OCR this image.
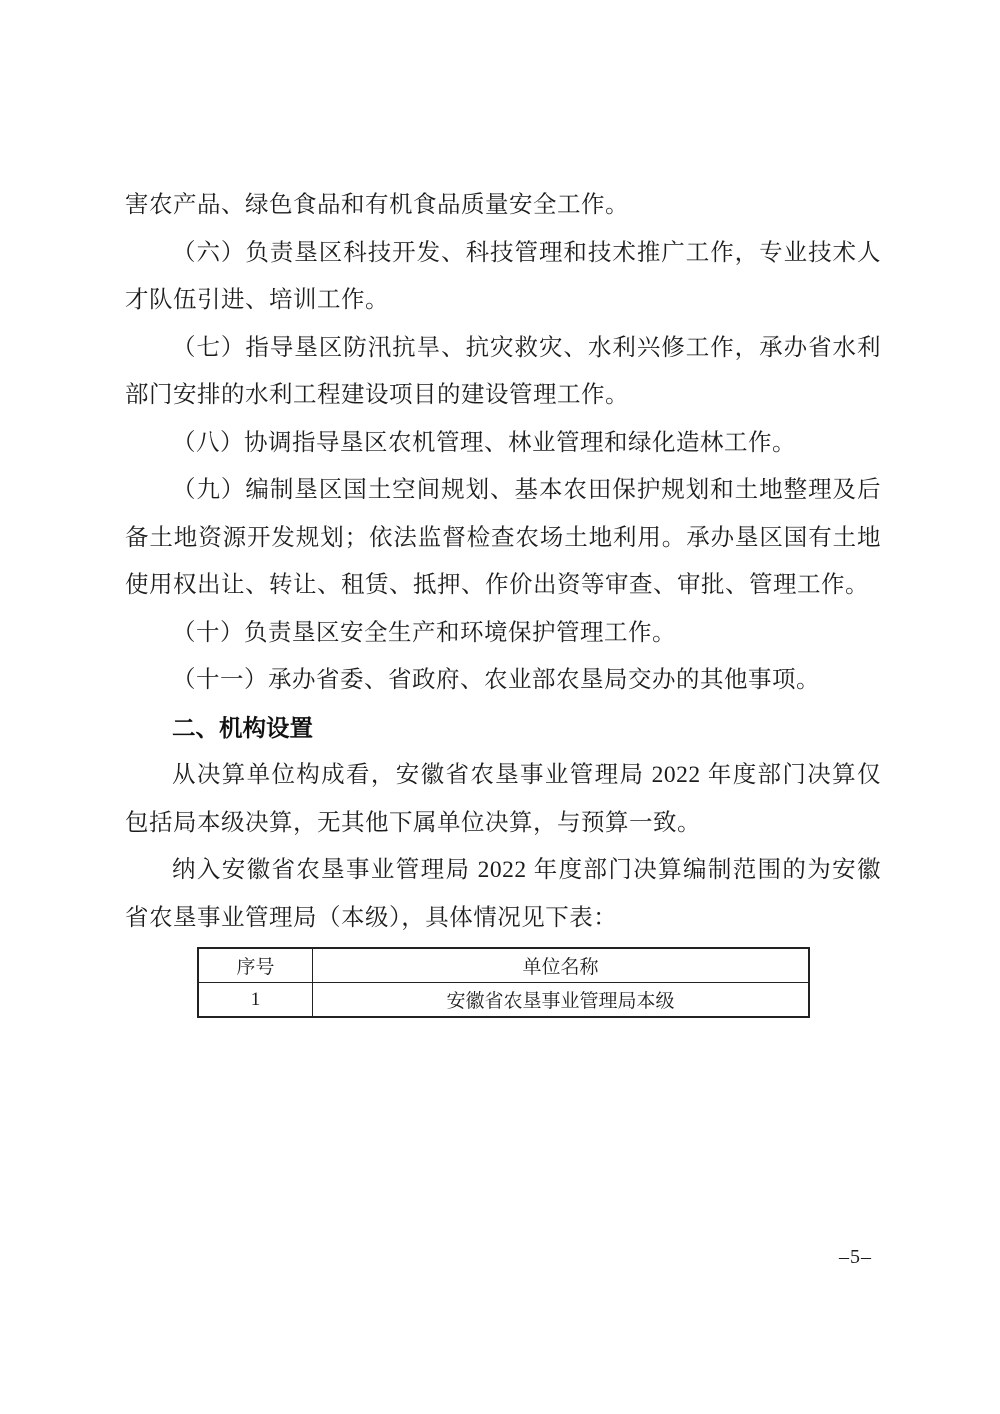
害农产品、绿色食品和有机食品质量安全工作。

（六）负责垦区科技开发、科技管理和技术推广工作，专业技术人才队伍引进、培训工作。

（七）指导垦区防汛抗旱、抗灾救灾、水利兴修工作，承办省水利部门安排的水利工程建设项目的建设管理工作。

（八）协调指导垦区农机管理、林业管理和绿化造林工作。

（九）编制垦区国土空间规划、基本农田保护规划和土地整理及后备土地资源开发规划；依法监督检查农场土地利用。承办垦区国有土地使用权出让、转让、租赁、抵押、作价出资等审查、审批、管理工作。

（十）负责垦区安全生产和环境保护管理工作。

（十一）承办省委、省政府、农业部农垦局交办的其他事项。

二、机构设置

从决算单位构成看，安徽省农垦事业管理局 2022 年度部门决算仅包括局本级决算，无其他下属单位决算，与预算一致。

纳入安徽省农垦事业管理局 2022 年度部门决算编制范围的为安徽省农垦事业管理局（本级），具体情况见下表：

序号	单位名称
1	安徽省农垦事业管理局本级
–5–
